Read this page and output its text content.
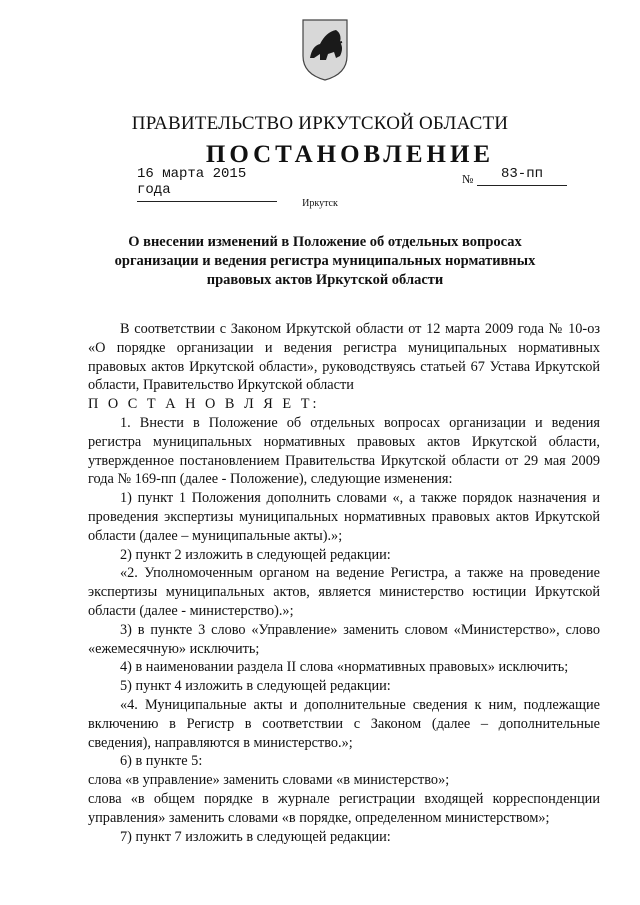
ПРАВИТЕЛЬСТВО ИРКУТСКОЙ ОБЛАСТИ
ПОСТАНОВЛЕНИЕ
16 марта 2015 года
№	83-пп
Иркутск
О внесении изменений в Положение об отдельных вопросах организации и ведения регистра муниципальных нормативных правовых актов Иркутской области

В соответствии с Законом Иркутской области от 12 марта 2009 года № 10-оз «О порядке организации и ведения регистра муниципальных нормативных правовых актов Иркутской области», руководствуясь статьей 67 Устава Иркутской области, Правительство Иркутской области

П О С Т А Н О В Л Я Е Т:

1. Внести в Положение об отдельных вопросах организации и ведения регистра муниципальных нормативных правовых актов Иркутской области, утвержденное постановлением Правительства Иркутской области от 29 мая 2009 года № 169-пп (далее - Положение), следующие изменения:

1) пункт 1 Положения дополнить словами «, а также порядок назначения и проведения экспертизы муниципальных нормативных правовых актов Иркутской области (далее – муниципальные акты).»;

2) пункт 2 изложить в следующей редакции:

«2. Уполномоченным органом на ведение Регистра, а также на проведение экспертизы муниципальных актов, является министерство юстиции Иркутской области (далее - министерство).»;

3) в пункте 3 слово «Управление» заменить словом «Министерство», слово «ежемесячную» исключить;

4) в наименовании раздела II слова «нормативных правовых» исключить;

5) пункт 4 изложить в следующей редакции:

«4. Муниципальные акты и дополнительные сведения к ним, подлежащие включению в Регистр в соответствии с Законом (далее – дополнительные сведения), направляются в министерство.»;

6) в пункте 5:

слова «в управление» заменить словами «в министерство»;

слова «в общем порядке в журнале регистрации входящей корреспонденции управления» заменить словами «в порядке, определенном министерством»;

7) пункт 7 изложить в следующей редакции:
